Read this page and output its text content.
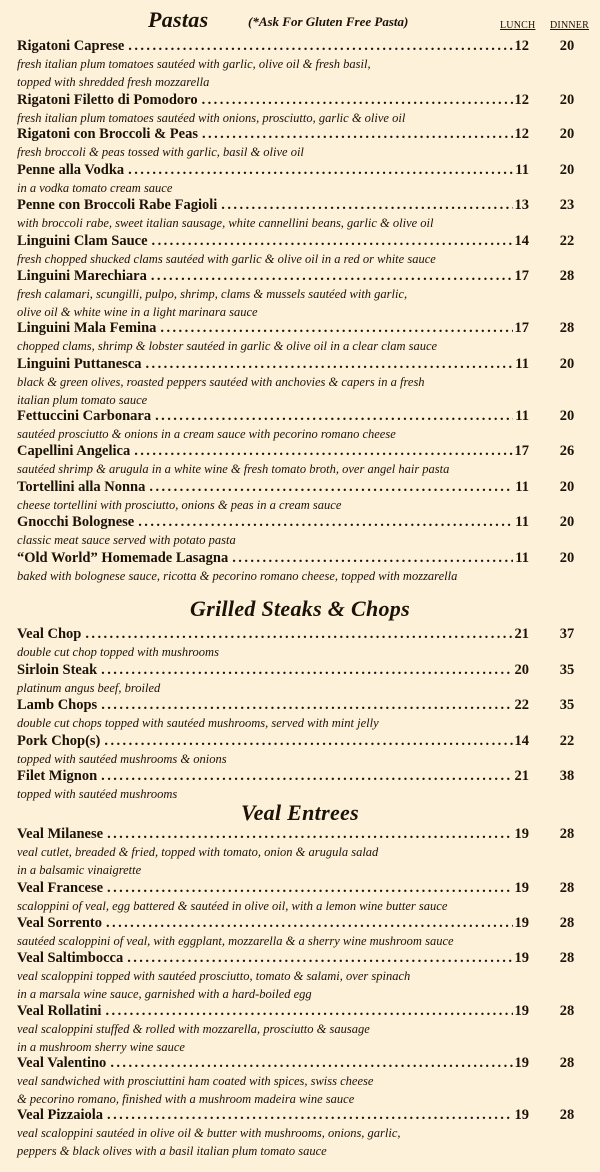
Pastas	(*Ask For Gluten Free Pasta)	LUNCH DINNER
Rigatoni Caprese . . .	12	20
fresh italian plum tomatoes sautéed with garlic, olive oil & fresh basil,
topped with shredded fresh mozzarella
Rigatoni Filetto di Pomodoro . . .	12	20
fresh italian plum tomatoes sautéed with onions, prosciutto, garlic & olive oil
Rigatoni con Broccoli & Peas . . .	12	20
fresh broccoli & peas tossed with garlic, basil & olive oil
Penne alla Vodka . . .	11	20
in a vodka tomato cream sauce
Penne con Broccoli Rabe Fagioli . . .	13	23
with broccoli rabe, sweet italian sausage, white cannellini beans, garlic & olive oil
Linguini Clam Sauce . . .	14	22
fresh chopped shucked clams sautéed with garlic & olive oil in a red or white sauce
Linguini Marechiara . . .	17	28
fresh calamari, scungilli, pulpo, shrimp, clams & mussels sautéed with garlic,
olive oil & white wine in a light marinara sauce
Linguini Mala Femina . . .	17	28
chopped clams, shrimp & lobster sautéed in garlic & olive oil in a clear clam sauce
Linguini Puttanesca . . .	11	20
black & green olives, roasted peppers sautéed with anchovies & capers in a fresh
italian plum tomato sauce
Fettuccini Carbonara . . .	11	20
sautéed prosciutto & onions in a cream sauce with pecorino romano cheese
Capellini Angelica . . .	17	26
sautéed shrimp & arugula in a white wine & fresh tomato broth, over angel hair pasta
Tortellini alla Nonna . . .	11	20
cheese tortellini with prosciutto, onions & peas in a cream sauce
Gnocchi Bolognese . . .	11	20
classic meat sauce served with potato pasta
“Old World” Homemade Lasagna . . .	11	20
baked with bolognese sauce, ricotta & pecorino romano cheese, topped with mozzarella
Grilled Steaks & Chops
Veal Chop . . .	21	37
double cut chop topped with mushrooms
Sirloin Steak . . .	20	35
platinum angus beef, broiled
Lamb Chops . . .	22	35
double cut chops topped with sautéed mushrooms, served with mint jelly
Pork Chop(s) . . .	14	22
topped with sautéed mushrooms & onions
Filet Mignon . . .	21	38
topped with sautéed mushrooms
Veal Entrees
Veal Milanese . . .	19	28
veal cutlet, breaded & fried, topped with tomato, onion & arugula salad
in a balsamic vinaigrette
Veal Francese . . .	19	28
scaloppini of veal, egg battered & sautéed in olive oil, with a lemon wine butter sauce
Veal Sorrento . . .	19	28
sautéed scaloppini of veal, with eggplant, mozzarella & a sherry wine mushroom sauce
Veal Saltimbocca . . .	19	28
veal scaloppini topped with sautéed prosciutto, tomato & salami, over spinach
in a marsala wine sauce, garnished with a hard-boiled egg
Veal Rollatini . . .	19	28
veal scaloppini stuffed & rolled with mozzarella, prosciutto & sausage
in a mushroom sherry wine sauce
Veal Valentino . . .	19	28
veal sandwiched with prosciuttini ham coated with spices, swiss cheese
& pecorino romano, finished with a mushroom madeira wine sauce
Veal Pizzaiola . . .	19	28
veal scaloppini sautéed in olive oil & butter with mushrooms, onions, garlic,
peppers & black olives with a basil italian plum tomato sauce
